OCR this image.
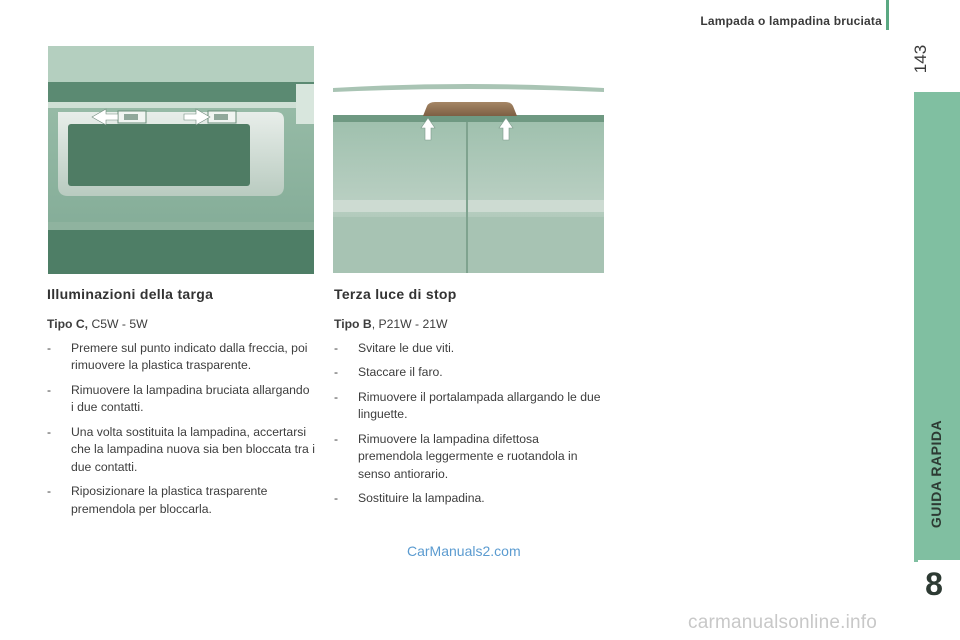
Lampada o lampadina bruciata
143
GUIDA RAPIDA
8
Illuminazioni della targa

Tipo C, C5W - 5W

- Premere sul punto indicato dalla freccia, poi rimuovere la plastica trasparente.
- Rimuovere la lampadina bruciata allargando i due contatti.
- Una volta sostituita la lampadina, accertarsi che la lampadina nuova sia ben bloccata tra i due contatti.
- Riposizionare la plastica trasparente premendola per bloccarla.
Terza luce di stop

Tipo B, P21W - 21W

- Svitare le due viti.
- Staccare il faro.
- Rimuovere il portalampada allargando le due linguette.
- Rimuovere la lampadina difettosa premendola leggermente e ruotandola in senso antiorario.
- Sostituire la lampadina.
CarManuals2.com
carmanualsonline.info
